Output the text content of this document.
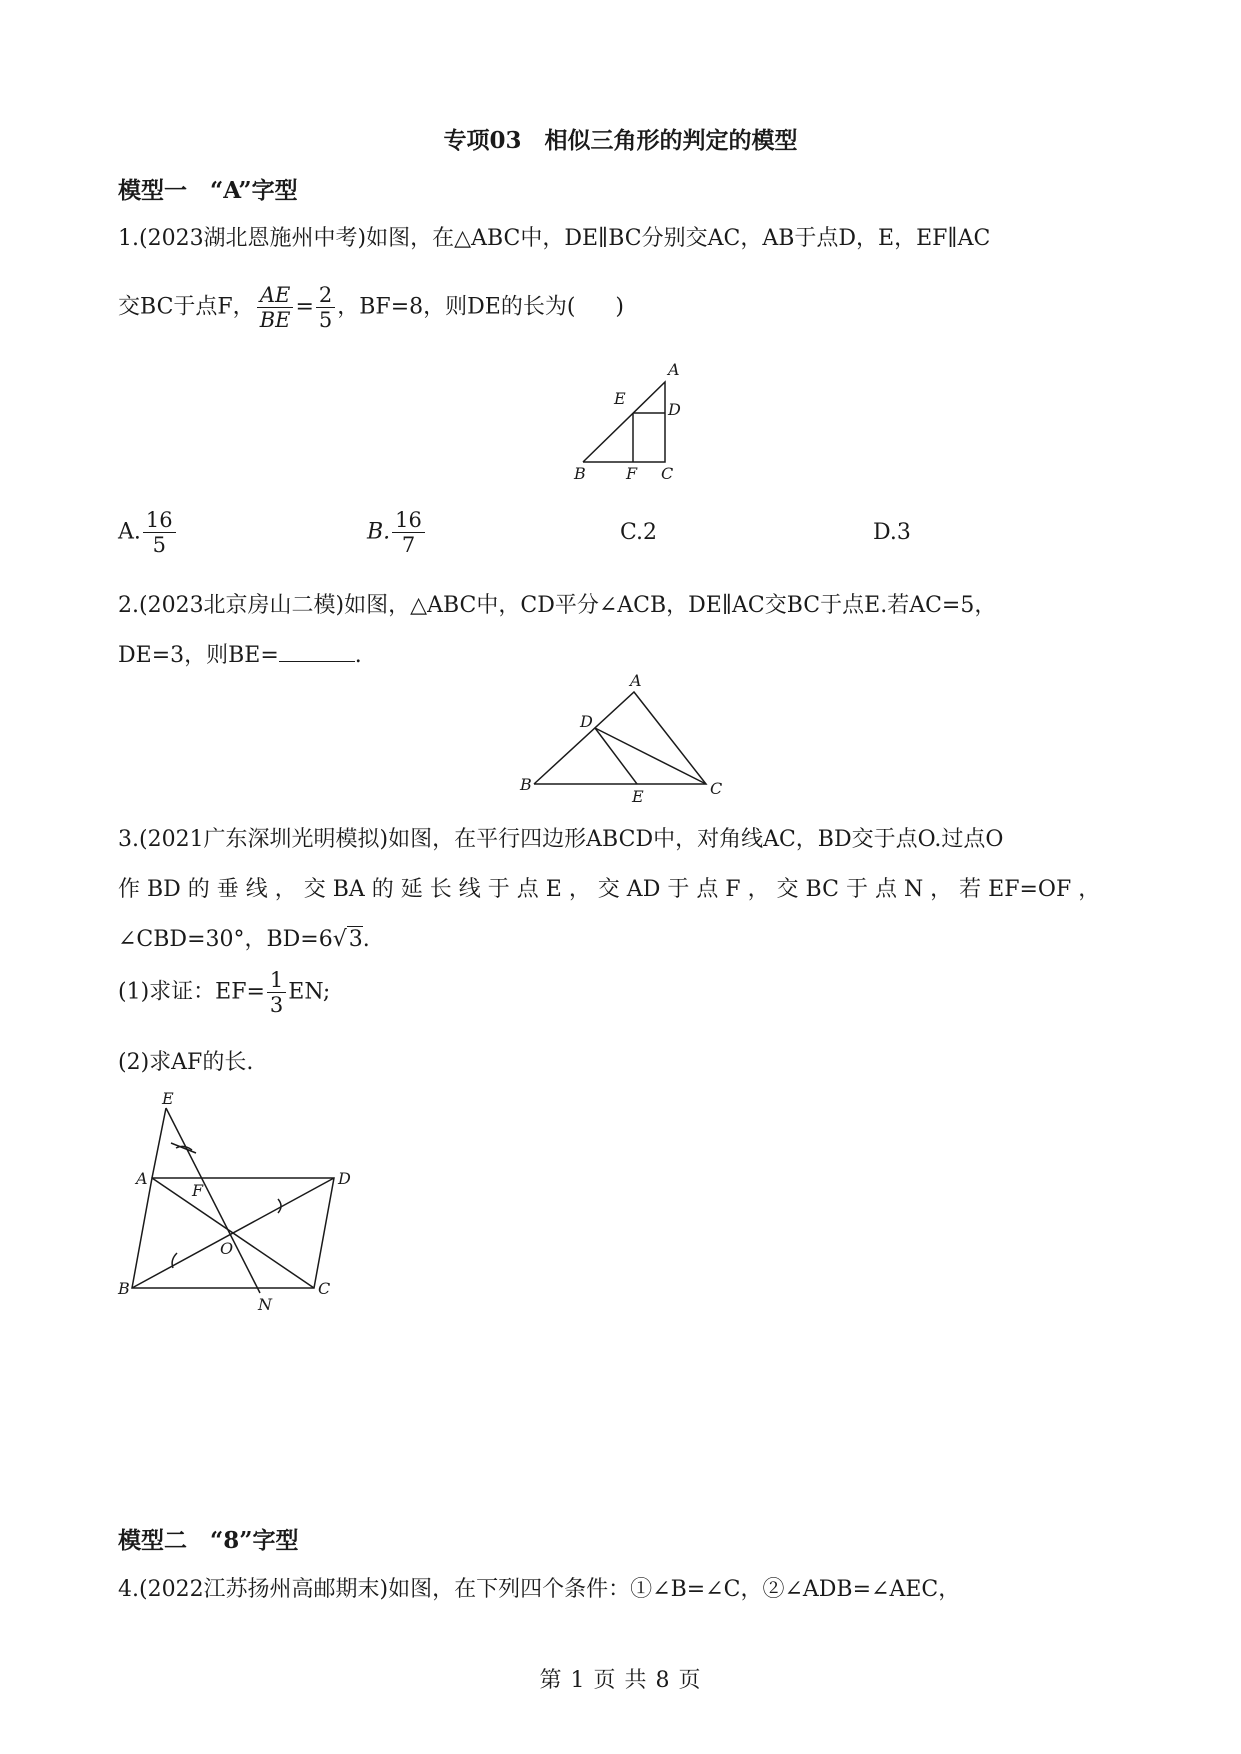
专项03　相似三角形的判定的模型
模型一　“A”字型
1.(2023湖北恩施州中考)如图，在△ABC中，DE∥BC分别交AC，AB于点D，E，EF∥AC
交BC于点F， $\frac{AE}{BE} = \frac{2}{5}$ ，BF=8，则DE的长为( )
A
E
D
B	F C
A. $\frac{16}{5}$	B. $\frac{16}{7}$	C.2	D.3
2.(2023北京房山二模)如图，△ABC中，CD平分∠ACB，DE∥AC交BC于点E.若AC=5，
DE=3，则BE=	.
A
D
B
E	C
3.(2021广东深圳光明模拟)如图，在平行四边形ABCD中，对角线AC，BD交于点O.过点O
作 BD 的 垂 线 ， 交 BA 的 延 长 线 于 点 E ， 交 AD 于 点 F ， 交 BC 于 点 N ， 若 EF=OF ，
∠CBD=30°，BD=6√3.
(1)求证：$EF= \frac{1}{3}$ EN;
(2)求AF的长.
E
A
F
D
O
B	C
N
模型二　“8”字型
4.(2022江苏扬州高邮期末)如图，在下列四个条件：①∠B=∠C，②∠ADB=∠AEC，
第 1 页 共 8 页
